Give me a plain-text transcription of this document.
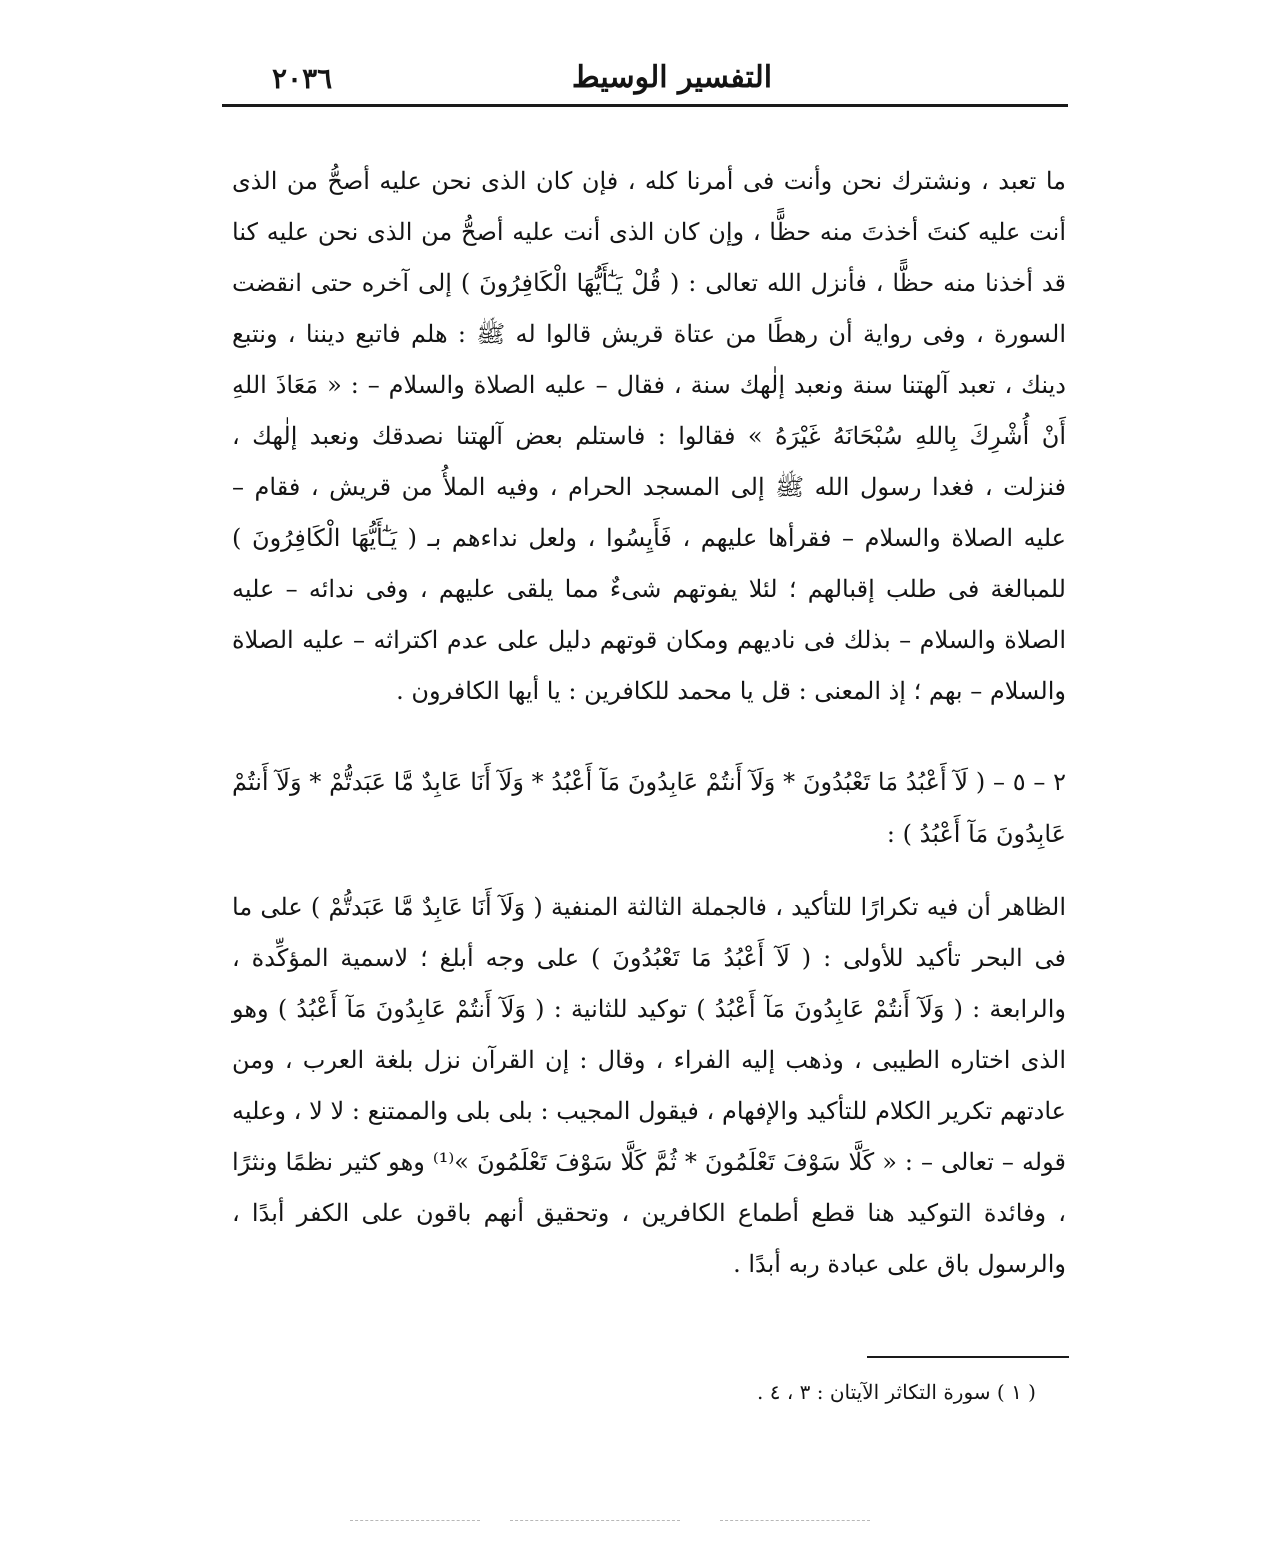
٢٠٣٦	التفسير الوسيط

ما تعبد ، ونشترك نحن وأنت فى أمرنا كله ، فإن كان الذى نحن عليه أصحُّ من الذى أنت عليه كنتَ أخذتَ منه حظًّا ، وإن كان الذى أنت عليه أصحُّ من الذى نحن عليه كنا قد أخذنا منه حظًّا ، فأنزل الله تعالى : ( قُلْ يَـٰٓأَيُّهَا الْكَافِرُونَ ) إلى آخره حتى انقضت السورة ، وفى رواية أن رهطًا من عتاة قريش قالوا له ﷺ : هلم فاتبع ديننا ، ونتبع دينك ، تعبد آلهتنا سنة ونعبد إلٰهك سنة ، فقال – عليه الصلاة والسلام – : « مَعَاذَ اللهِ أَنْ أُشْرِكَ بِاللهِ سُبْحَانَهُ غَيْرَهُ » فقالوا : فاستلم بعض آلهتنا نصدقك ونعبد إلٰهك ، فنزلت ، فغدا رسول الله ﷺ إلى المسجد الحرام ، وفيه الملأُ من قريش ، فقام – عليه الصلاة والسلام – فقرأها عليهم ، فَأَيِسُوا ، ولعل نداءهم بـ ( يَـٰٓأَيُّهَا الْكَافِرُونَ ) للمبالغة فى طلب إقبالهم ؛ لئلا يفوتهم شىءٌ مما يلقى عليهم ، وفى ندائه – عليه الصلاة والسلام – بذلك فى ناديهم ومكان قوتهم دليل على عدم اكتراثه – عليه الصلاة والسلام – بهم ؛ إذ المعنى : قل يا محمد للكافرين : يا أيها الكافرون .

٢ – ٥ – ( لَآ أَعْبُدُ مَا تَعْبُدُونَ * وَلَآ أَنتُمْ عَابِدُونَ مَآ أَعْبُدُ * وَلَآ أَنَا عَابِدٌ مَّا عَبَدتُّمْ * وَلَآ أَنتُمْ عَابِدُونَ مَآ أَعْبُدُ ) :

الظاهر أن فيه تكرارًا للتأكيد ، فالجملة الثالثة المنفية ( وَلَآ أَنَا عَابِدٌ مَّا عَبَدتُّمْ ) على ما فى البحر تأكيد للأولى : ( لَآ أَعْبُدُ مَا تَعْبُدُونَ ) على وجه أبلغ ؛ لاسمية المؤكِّدة ، والرابعة : ( وَلَآ أَنتُمْ عَابِدُونَ مَآ أَعْبُدُ ) توكيد للثانية : ( وَلَآ أَنتُمْ عَابِدُونَ مَآ أَعْبُدُ ) وهو الذى اختاره الطيبى ، وذهب إليه الفراء ، وقال : إن القرآن نزل بلغة العرب ، ومن عادتهم تكرير الكلام للتأكيد والإفهام ، فيقول المجيب : بلى بلى والممتنع : لا لا ، وعليه قوله – تعالى – : « كَلَّا سَوْفَ تَعْلَمُونَ * ثُمَّ كَلَّا سَوْفَ تَعْلَمُونَ »⁽¹⁾ وهو كثير نظمًا ونثرًا ، وفائدة التوكيد هنا قطع أطماع الكافرين ، وتحقيق أنهم باقون على الكفر أبدًا ، والرسول باق على عبادة ربه أبدًا .

( ١ ) سورة التكاثر الآيتان : ٣ ، ٤ .
